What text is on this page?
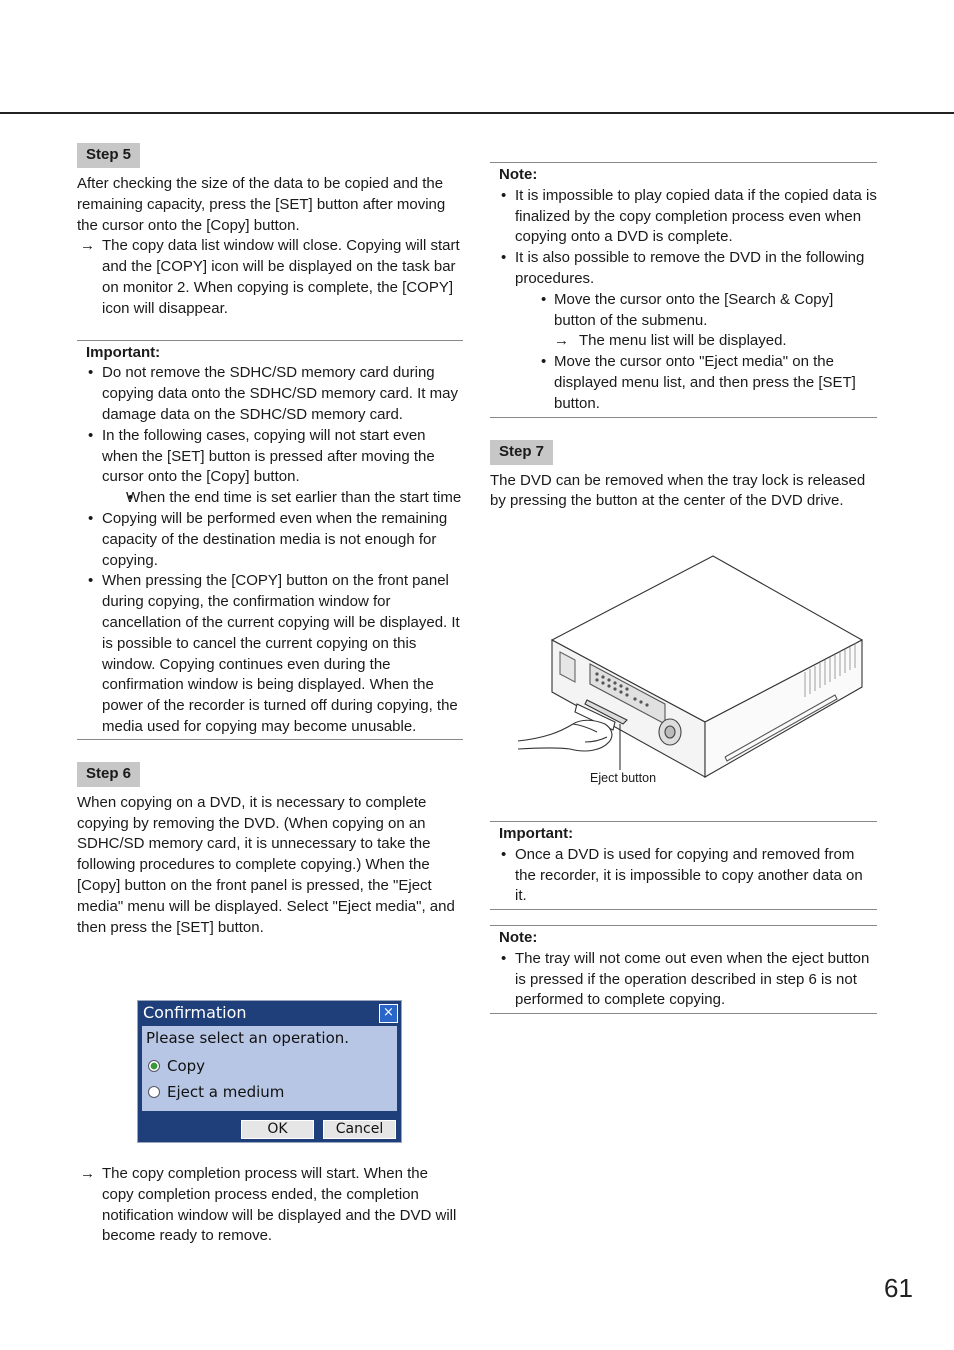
Step 5

After checking the size of the data to be copied and the remaining capacity, press the [SET] button after moving the cursor onto the [Copy] button.

→ The copy data list window will close. Copying will start and the [COPY] icon will be displayed on the task bar on monitor 2. When copying is complete, the [COPY] icon will disappear.
Important:
• Do not remove the SDHC/SD memory card during copying data onto the SDHC/SD memory card. It may damage data on the SDHC/SD memory card.
• In the following cases, copying will not start even when the [SET] button is pressed after moving the cursor onto the [Copy] button.
• When the end time is set earlier than the start time
• Copying will be performed even when the remaining capacity of the destination media is not enough for copying.
• When pressing the [COPY] button on the front panel during copying, the confirmation window for cancellation of the current copying will be displayed. It is possible to cancel the current copying on this window. Copying continues even during the confirmation window is being displayed. When the power of the recorder is turned off during copying, the media used for copying may become unusable.
Step 6

When copying on a DVD, it is necessary to complete copying by removing the DVD. (When copying on an SDHC/SD memory card, it is unnecessary to take the following procedures to complete copying.) When the [Copy] button on the front panel is pressed, the "Eject media" menu will be displayed. Select "Eject media", and then press the [SET] button.

Confirmation	×
Please select an operation.
Copy
Eject a medium
OK	Cancel
→ The copy completion process will start. When the copy completion process ended, the completion notification window will be displayed and the DVD will become ready to remove.
Note:
• It is impossible to play copied data if the copied data is finalized by the copy completion process even when copying onto a DVD is complete.
• It is also possible to remove the DVD in the following procedures.
• Move the cursor onto the [Search & Copy] button of the submenu.
→ The menu list will be displayed.
• Move the cursor onto "Eject media" on the displayed menu list, and then press the [SET] button.
Step 7

The DVD can be removed when the tray lock is released by pressing the button at the center of the DVD drive.

Eject button
Important:
• Once a DVD is used for copying and removed from the recorder, it is impossible to copy another data on it.
Note:
• The tray will not come out even when the eject button is pressed if the operation described in step 6 is not performed to complete copying.
61
